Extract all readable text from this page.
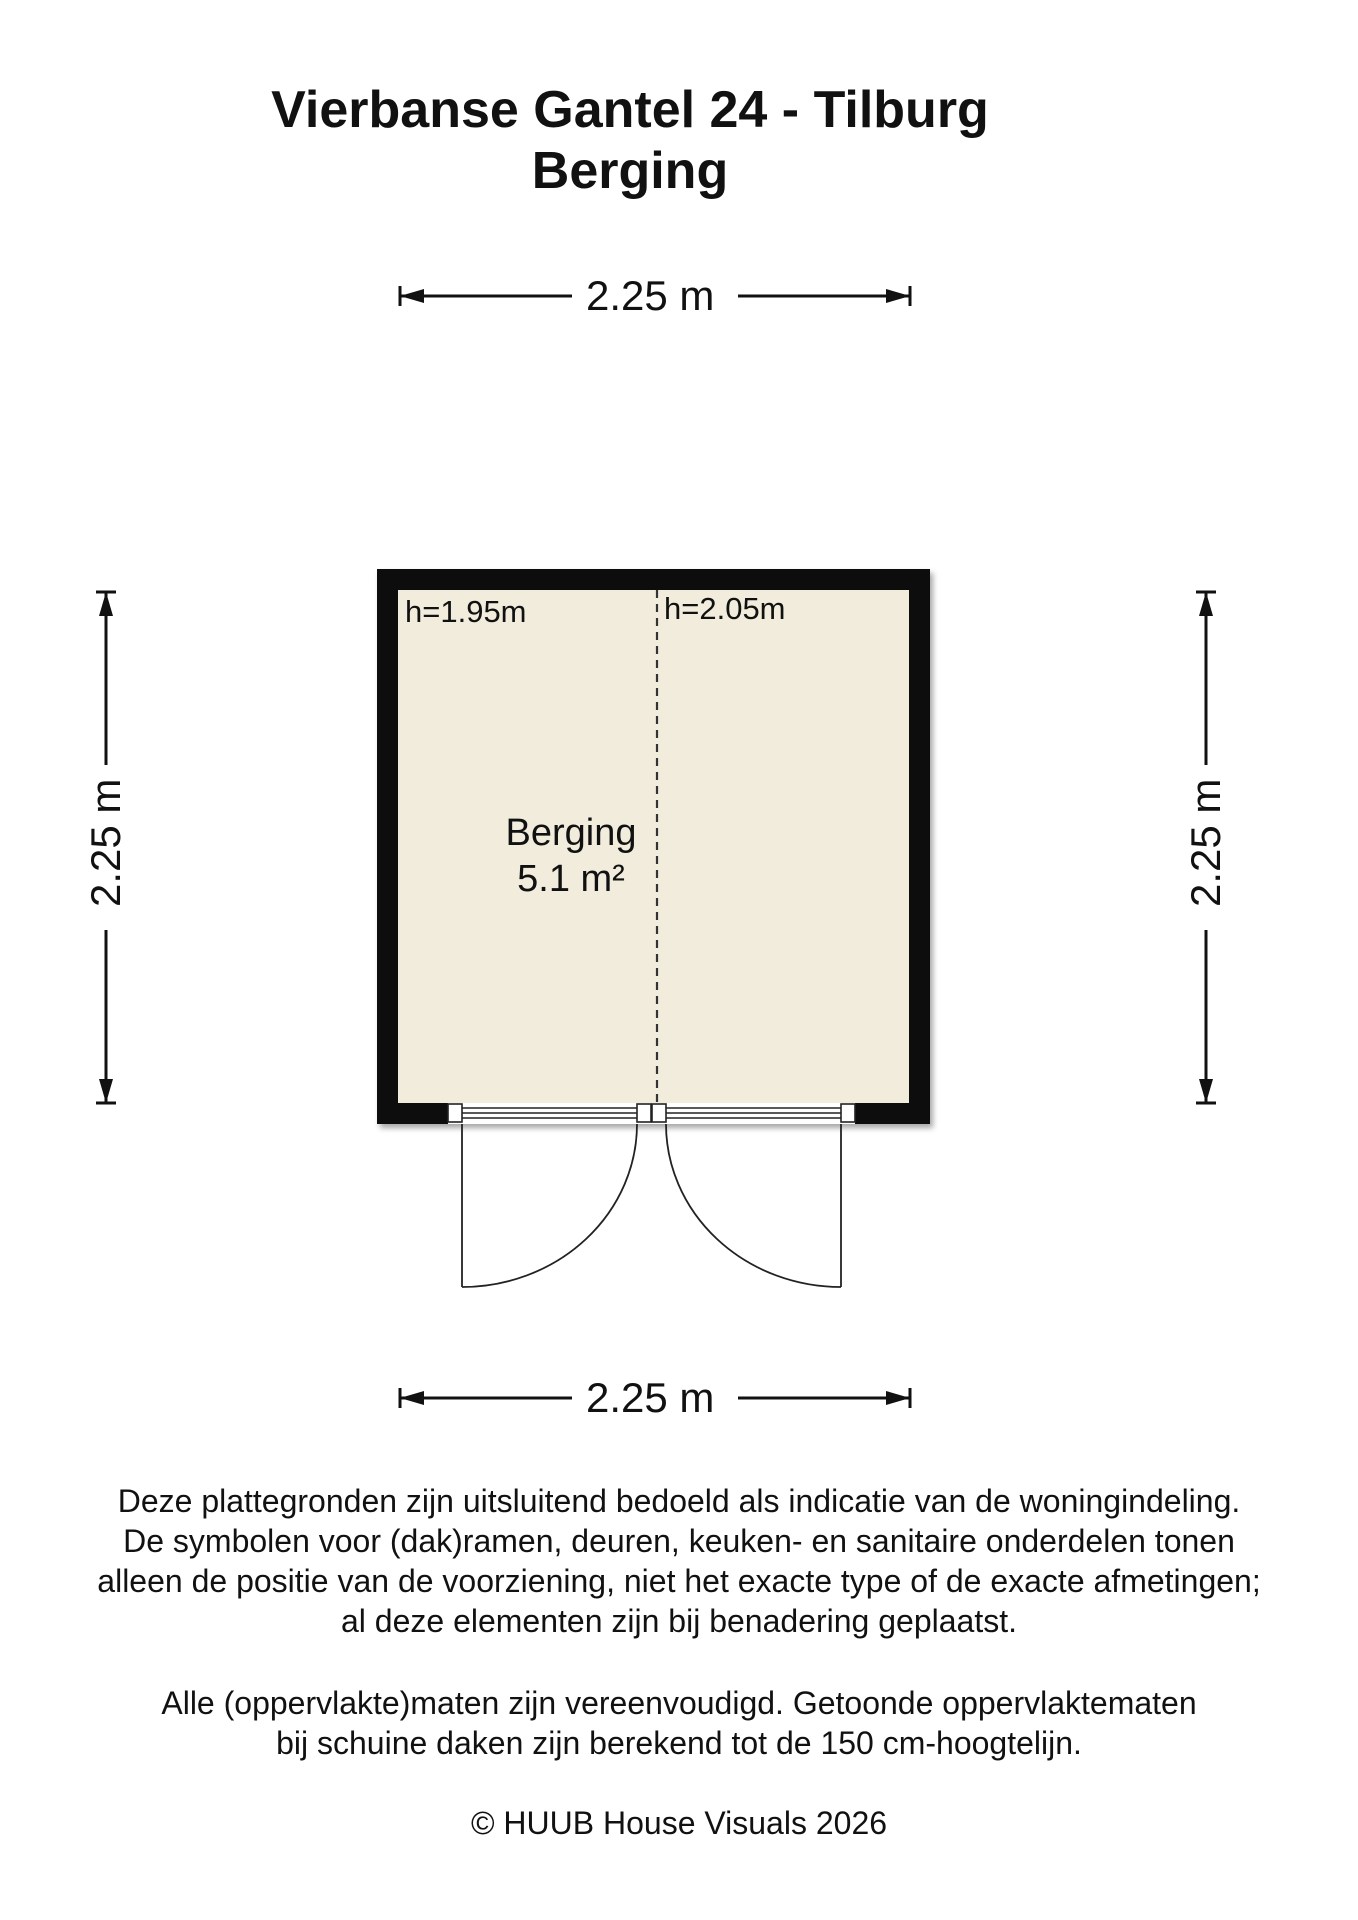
Vierbanse Gantel 24 - Tilburg
Berging
2.25 m
2.25 m
2.25 m	2.25 m
h=1.95m	h=2.05m
Berging
5.1 m²
Deze plattegronden zijn uitsluitend bedoeld als indicatie van de woningindeling.
De symbolen voor (dak)ramen, deuren, keuken- en sanitaire onderdelen tonen
alleen de positie van de voorziening, niet het exacte type of de exacte afmetingen;
al deze elementen zijn bij benadering geplaatst.
Alle (oppervlakte)maten zijn vereenvoudigd. Getoonde oppervlaktematen
bij schuine daken zijn berekend tot de 150 cm-hoogtelijn.
© HUUB House Visuals 2026
